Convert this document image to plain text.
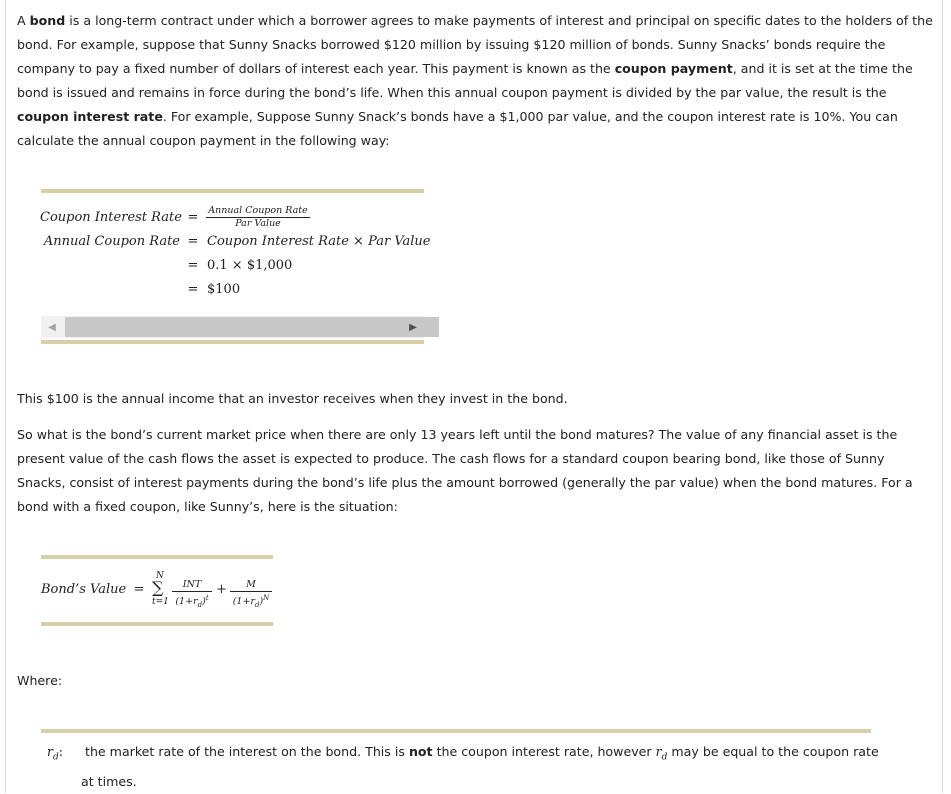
A bond is a long-term contract under which a borrower agrees to make payments of interest and principal on specific dates to the holders of the bond. For example, suppose that Sunny Snacks borrowed $120 million by issuing $120 million of bonds. Sunny Snacks’ bonds require the company to pay a fixed number of dollars of interest each year. This payment is known as the coupon payment, and it is set at the time the bond is issued and remains in force during the bond’s life. When this annual coupon payment is divided by the par value, the result is the coupon interest rate. For example, Suppose Sunny Snack’s bonds have a $1,000 par value, and the coupon interest rate is 10%. You can calculate the annual coupon payment in the following way:
Coupon Interest Rate = Annual Coupon Rate
Par Value
Annual Coupon Rate = Coupon Interest Rate × Par Value
= 0.1 × $1,000
= $100
◀	▶
This $100 is the annual income that an investor receives when they invest in the bond.
So what is the bond’s current market price when there are only 13 years left until the bond matures? The value of any financial asset is the present value of the cash flows the asset is expected to produce. The cash flows for a standard coupon bearing bond, like those of Sunny Snacks, consist of interest payments during the bond’s life plus the amount borrowed (generally the par value) when the bond matures. For a bond with a fixed coupon, like Sunny’s, here is the situation:
Bond’s Value =
N
∑
t=1
INT
$(1+r_d)^t$
+ $\frac{M}{(1+r_d)^N}$
Where:
$r_d$:	the market rate of the interest on the bond. This is not the coupon interest rate, however $r_d$ may be equal to the coupon rate at times.
